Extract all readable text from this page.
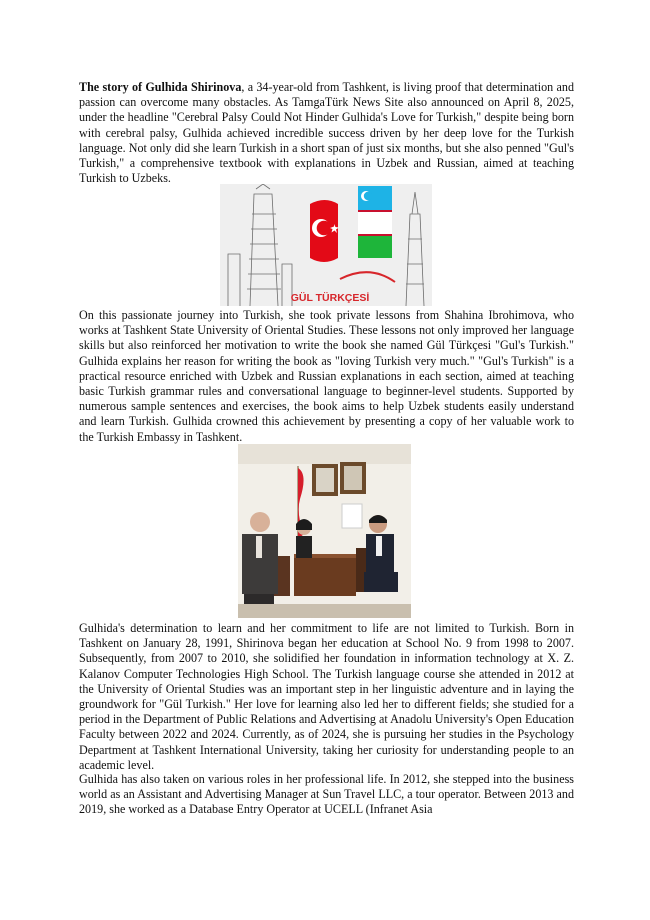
The story of Gulhida Shirinova, a 34-year-old from Tashkent, is living proof that determination and passion can overcome many obstacles. As TamgaTürk News Site also announced on April 8, 2025, under the headline "Cerebral Palsy Could Not Hinder Gulhida's Love for Turkish," despite being born with cerebral palsy, Gulhida achieved incredible success driven by her deep love for the Turkish language. Not only did she learn Turkish in a short span of just six months, but she also penned "Gul's Turkish," a comprehensive textbook with explanations in Uzbek and Russian, aimed at teaching Turkish to Uzbeks.

GÜL TÜRKÇESİ

On this passionate journey into Turkish, she took private lessons from Shahina Ibrohimova, who works at Tashkent State University of Oriental Studies. These lessons not only improved her language skills but also reinforced her motivation to write the book she named Gül Türkçesi "Gul's Turkish." Gulhida explains her reason for writing the book as "loving Turkish very much." "Gul's Turkish" is a practical resource enriched with Uzbek and Russian explanations in each section, aimed at teaching basic Turkish grammar rules and conversational language to beginner-level students. Supported by numerous sample sentences and exercises, the book aims to help Uzbek students easily understand and learn Turkish. Gulhida crowned this achievement by presenting a copy of her valuable work to the Turkish Embassy in Tashkent.

Gulhida's determination to learn and her commitment to life are not limited to Turkish. Born in Tashkent on January 28, 1991, Shirinova began her education at School No. 9 from 1998 to 2007. Subsequently, from 2007 to 2010, she solidified her foundation in information technology at X. Z. Kalanov Computer Technologies High School. The Turkish language course she attended in 2012 at the University of Oriental Studies was an important step in her linguistic adventure and in laying the groundwork for "Gül Turkish." Her love for learning also led her to different fields; she studied for a period in the Department of Public Relations and Advertising at Anadolu University's Open Education Faculty between 2022 and 2024. Currently, as of 2024, she is pursuing her studies in the Psychology Department at Tashkent International University, taking her curiosity for understanding people to an academic level.

Gulhida has also taken on various roles in her professional life. In 2012, she stepped into the business world as an Assistant and Advertising Manager at Sun Travel LLC, a tour operator. Between 2013 and 2019, she worked as a Database Entry Operator at UCELL (Infranet Asia
